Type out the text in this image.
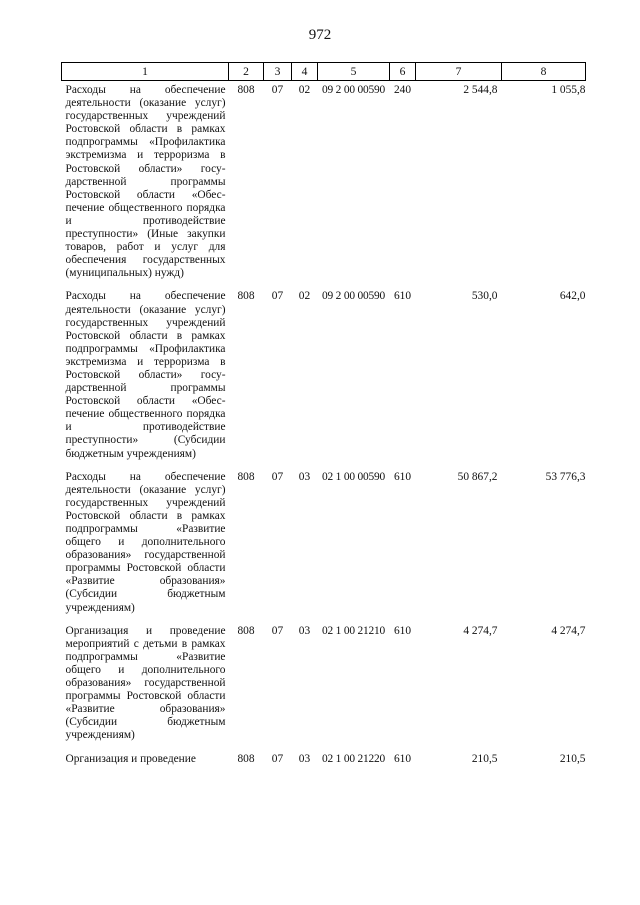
972
1	2	3	4	5	6	7	8
Расходы на обеспечение деятельности (оказание услуг) государственных учреждений Ростовской области в рамках подпрограммы «Профилактика экстремизма и терроризма в Ростовской области» государственной программы Ростовской области «Обеспечение общественного порядка и противодействие преступности» (Иные закупки товаров, работ и услуг для обеспечения государственных (муниципальных) нужд)	808	07	02	09 2 00 00590	240	2 544,8	1 055,8
Расходы на обеспечение деятельности (оказание услуг) государственных учреждений Ростовской области в рамках подпрограммы «Профилактика экстремизма и терроризма в Ростовской области» государственной программы Ростовской области «Обеспечение общественного порядка и противодействие преступности» (Субсидии бюджетным учреждениям)	808	07	02	09 2 00 00590	610	530,0	642,0
Расходы на обеспечение деятельности (оказание услуг) государственных учреждений Ростовской области в рамках подпрограммы «Развитие общего и дополнительного образования» государственной программы Ростовской области «Развитие образования» (Субсидии бюджетным учреждениям)	808	07	03	02 1 00 00590	610	50 867,2	53 776,3
Организация и проведение мероприятий с детьми в рамках подпрограммы «Развитие общего и дополнительного образования» государственной программы Ростовской области «Развитие образования» (Субсидии бюджетным учреждениям)	808	07	03	02 1 00 21210	610	4 274,7	4 274,7
Организация и проведение	808	07	03	02 1 00 21220	610	210,5	210,5
